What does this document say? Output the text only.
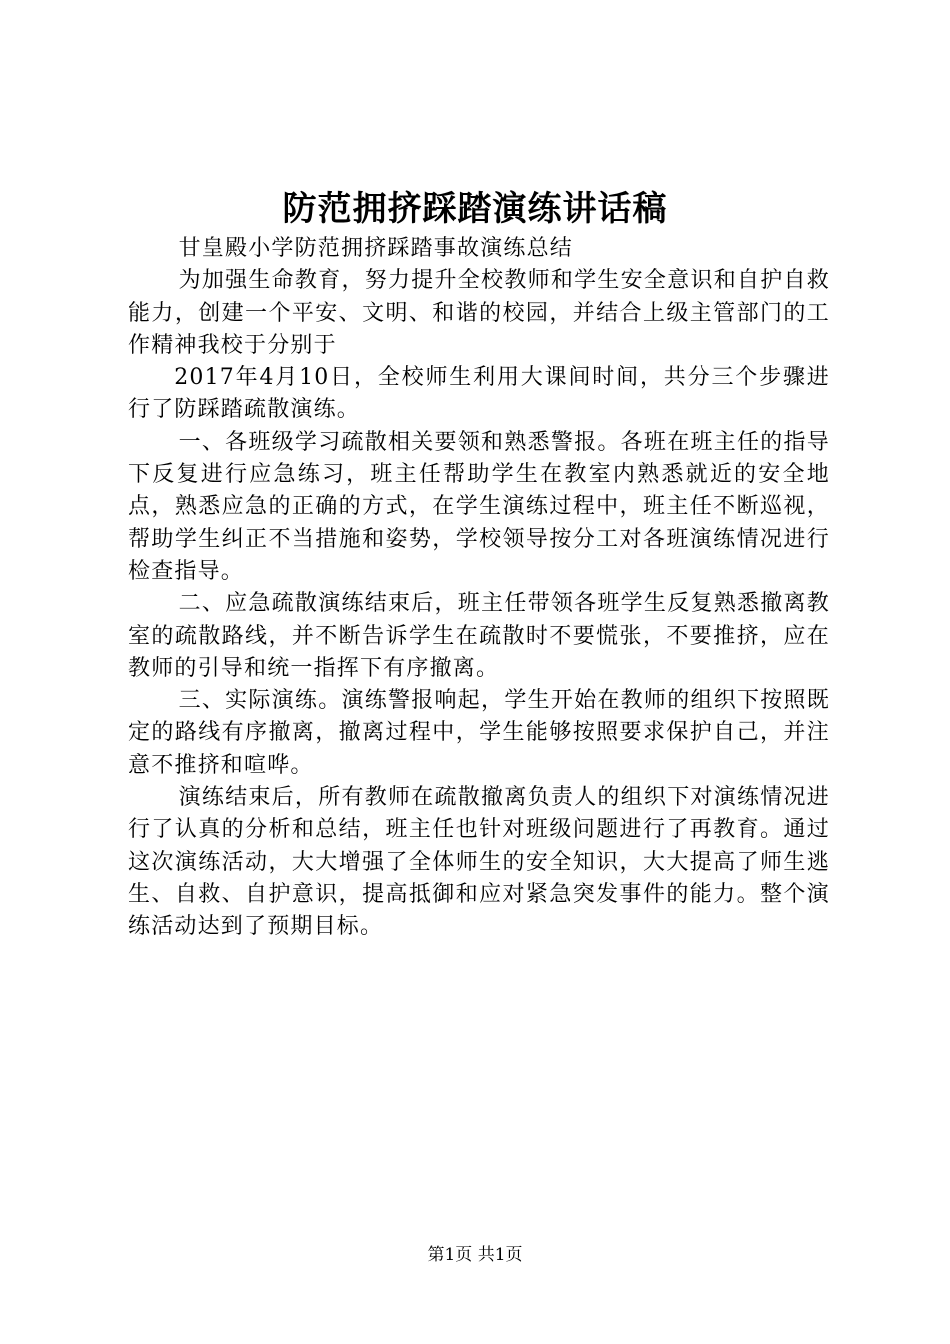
防范拥挤踩踏演练讲话稿

甘皇殿小学防范拥挤踩踏事故演练总结

为加强生命教育，努力提升全校教师和学生安全意识和自护自救能力，创建一个平安、文明、和谐的校园，并结合上级主管部门的工作精神我校于分别于

2017年4月10日，全校师生利用大课间时间，共分三个步骤进行了防踩踏疏散演练。

一、各班级学习疏散相关要领和熟悉警报。各班在班主任的指导下反复进行应急练习，班主任帮助学生在教室内熟悉就近的安全地点，熟悉应急的正确的方式，在学生演练过程中，班主任不断巡视，帮助学生纠正不当措施和姿势，学校领导按分工对各班演练情况进行检查指导。

二、应急疏散演练结束后，班主任带领各班学生反复熟悉撤离教室的疏散路线，并不断告诉学生在疏散时不要慌张，不要推挤，应在教师的引导和统一指挥下有序撤离。

三、实际演练。演练警报响起，学生开始在教师的组织下按照既定的路线有序撤离，撤离过程中，学生能够按照要求保护自己，并注意不推挤和喧哗。

演练结束后，所有教师在疏散撤离负责人的组织下对演练情况进行了认真的分析和总结，班主任也针对班级问题进行了再教育。通过这次演练活动，大大增强了全体师生的安全知识，大大提高了师生逃生、自救、自护意识，提高抵御和应对紧急突发事件的能力。整个演练活动达到了预期目标。

第1页 共1页
